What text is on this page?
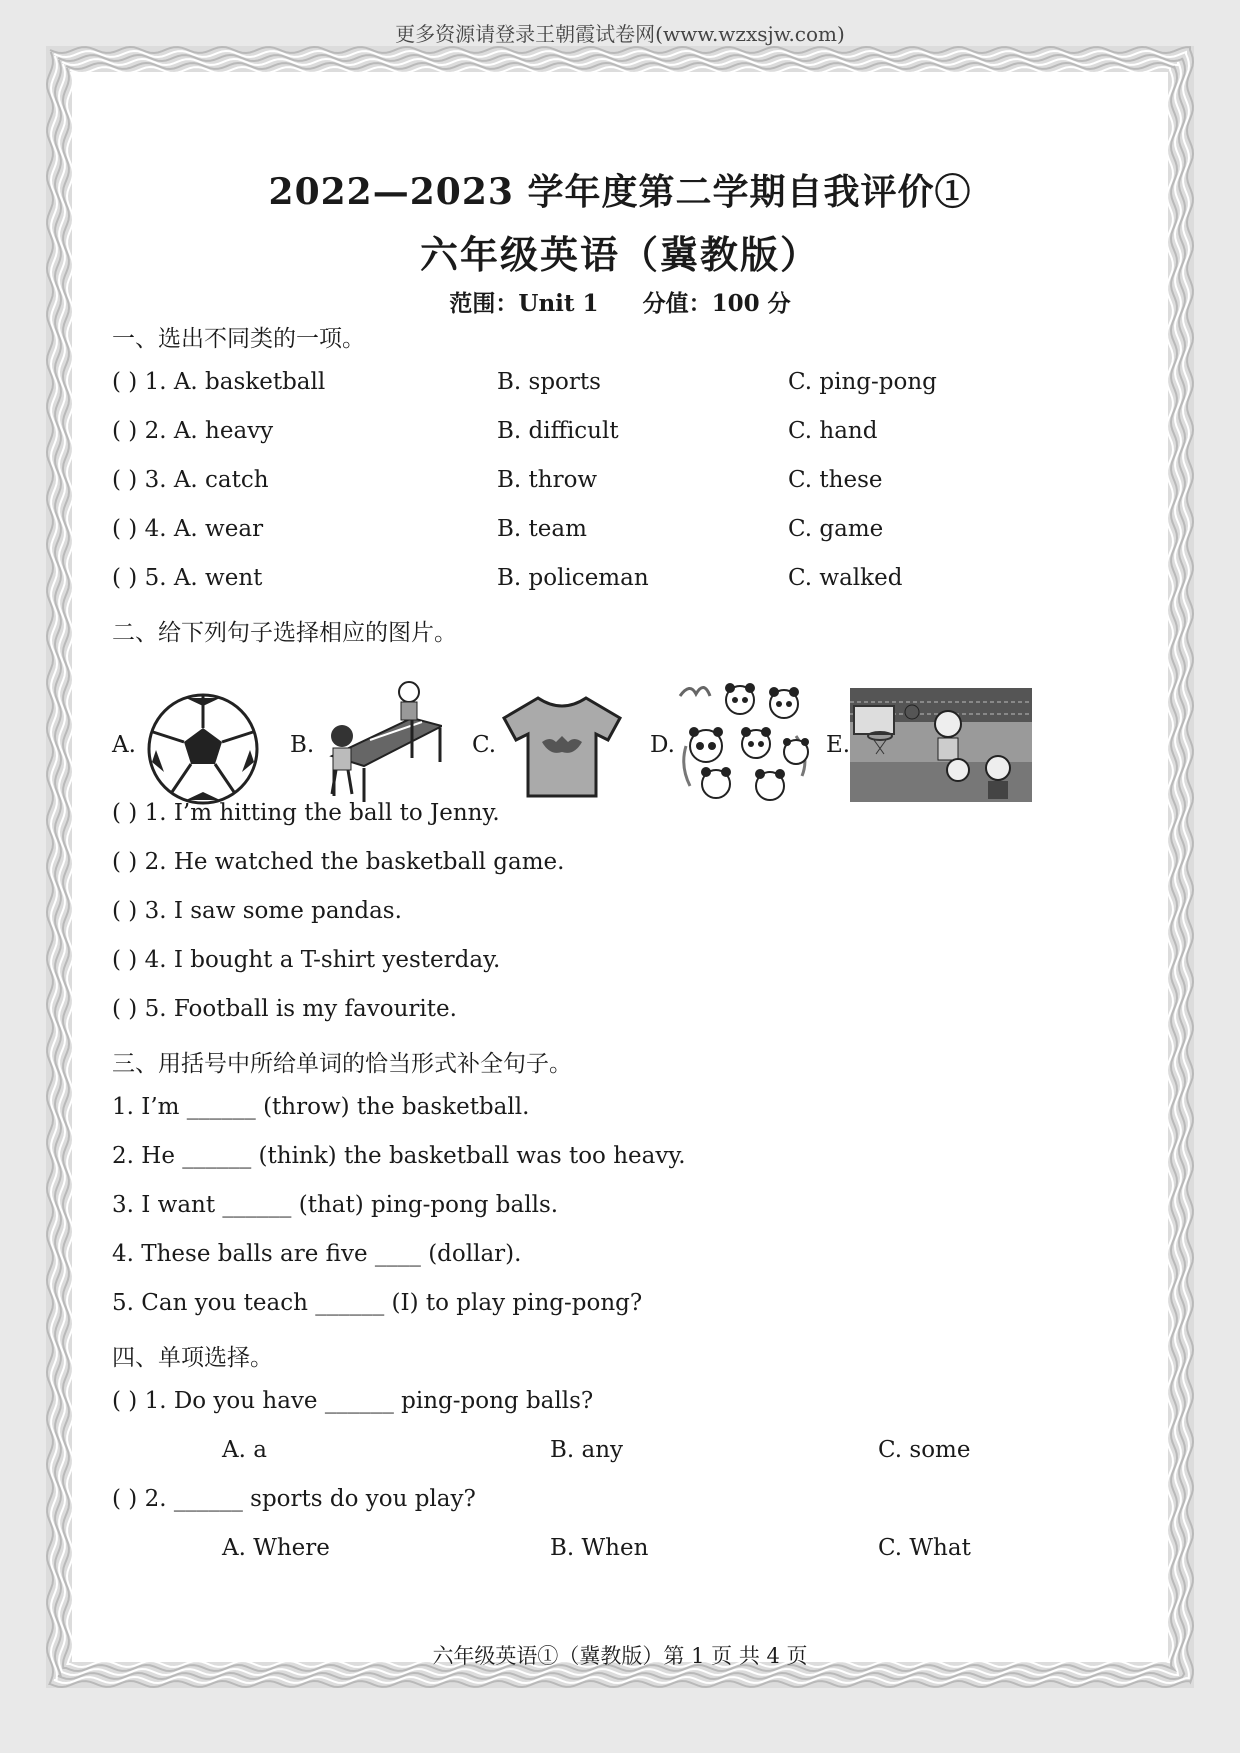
更多资源请登录王朝霞试卷网(www.wzxsjw.com)
2022—2023 学年度第二学期自我评价①
六年级英语（冀教版）
范围：Unit 1 分值：100 分
一、选出不同类的一项。
( ) 1. A. basketball	B. sports	C. ping-pong
( ) 2. A. heavy	B. difficult	C. hand
( ) 3. A. catch	B. throw	C. these
( ) 4. A. wear	B. team	C. game
( ) 5. A. went	B. policeman	C. walked
二、给下列句子选择相应的图片。
A.	B.	C.	D.	E.
( ) 1. I’m hitting the ball to Jenny.
( ) 2. He watched the basketball game.
( ) 3. I saw some pandas.
( ) 4. I bought a T-shirt yesterday.
( ) 5. Football is my favourite.
三、用括号中所给单词的恰当形式补全句子。
1. I’m ______ (throw) the basketball.
2. He ______ (think) the basketball was too heavy.
3. I want ______ (that) ping-pong balls.
4. These balls are five ____ (dollar).
5. Can you teach ______ (I) to play ping-pong?
四、单项选择。
( ) 1. Do you have ______ ping-pong balls?
A. a	B. any	C. some
( ) 2. ______ sports do you play?
A. Where	B. When	C. What
六年级英语①（冀教版）第 1 页 共 4 页
